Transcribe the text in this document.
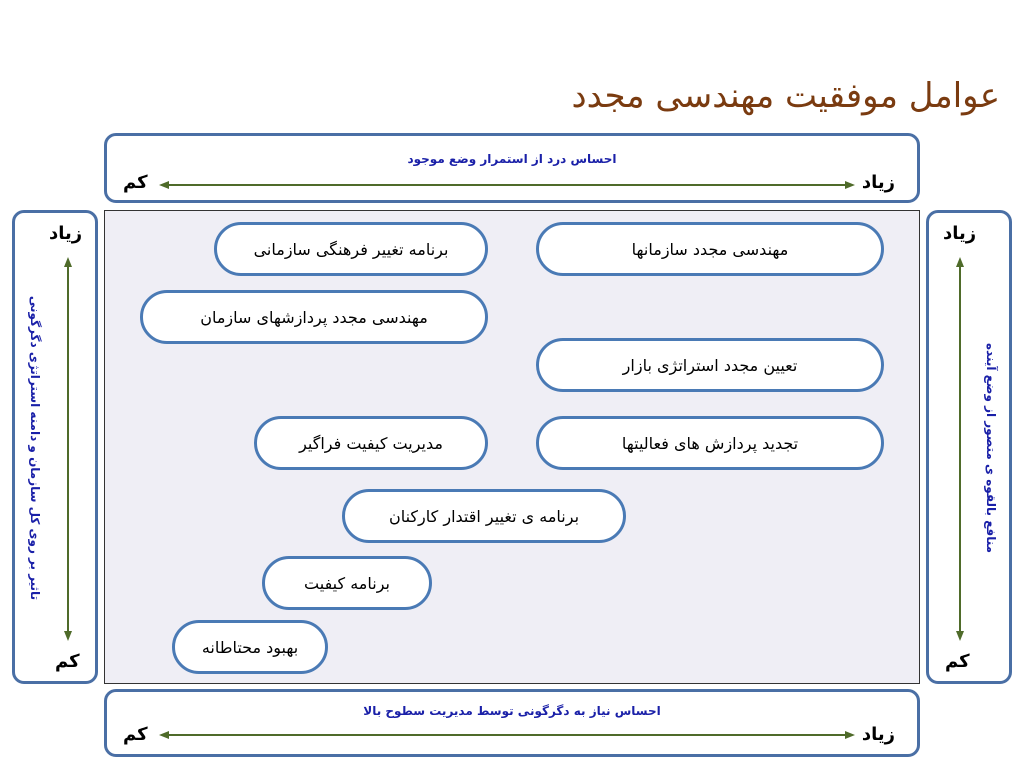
عوامل موفقیت مهندسی مجدد
احساس درد از استمرار وضع موجود
زیاد
کم
احساس نیاز به دگرگونی توسط مدیریت سطوح بالا
زیاد
کم
زیاد
کم
تاثیر بر روی کل سازمان و دامنه استراتژی دگرگونی
زیاد
کم
منافع بالقوه ی متصور از وضع آینده
برنامه تغییر فرهنگی سازمانی	مهندسی مجدد سازمانها
مهندسی مجدد پردازشهای سازمان
تعیین مجدد استراتژی بازار
مدیریت کیفیت فراگیر	تجدید پردازش های فعالیتها
برنامه ی تغییر اقتدار کارکنان
برنامه کیفیت
بهبود محتاطانه
